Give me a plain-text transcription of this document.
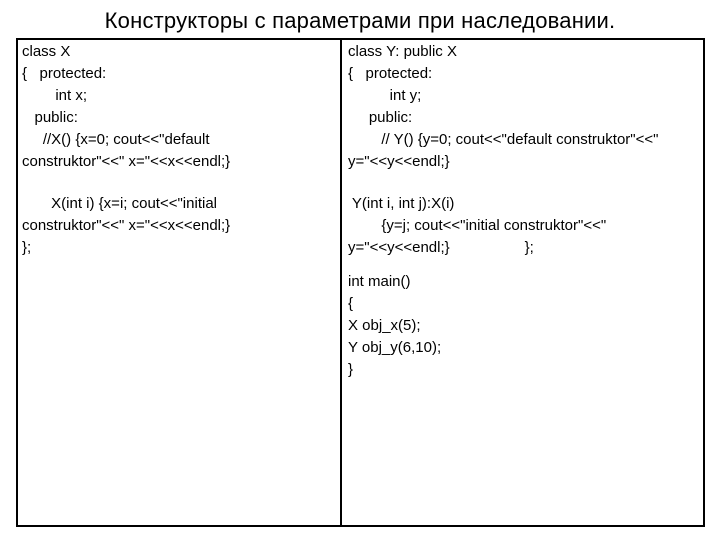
Конструкторы с параметрами при наследовании.
class X
{   protected:
int x;
public:
//X() {x=0; cout<<"default
construktor"<<" x="<<x<<endl;}
X(int i) {x=i; cout<<"initial
construktor"<<" x="<<x<<endl;}
};
class Y: public X
{   protected:
int y;
public:
// Y() {y=0; cout<<"default construktor"<<"
y="<<y<<endl;}
Y(int i, int j):X(i)
{y=j; cout<<"initial construktor"<<"
y="<<y<<endl;}                  };
int main()
{
X obj_x(5);
Y obj_y(6,10);
}
